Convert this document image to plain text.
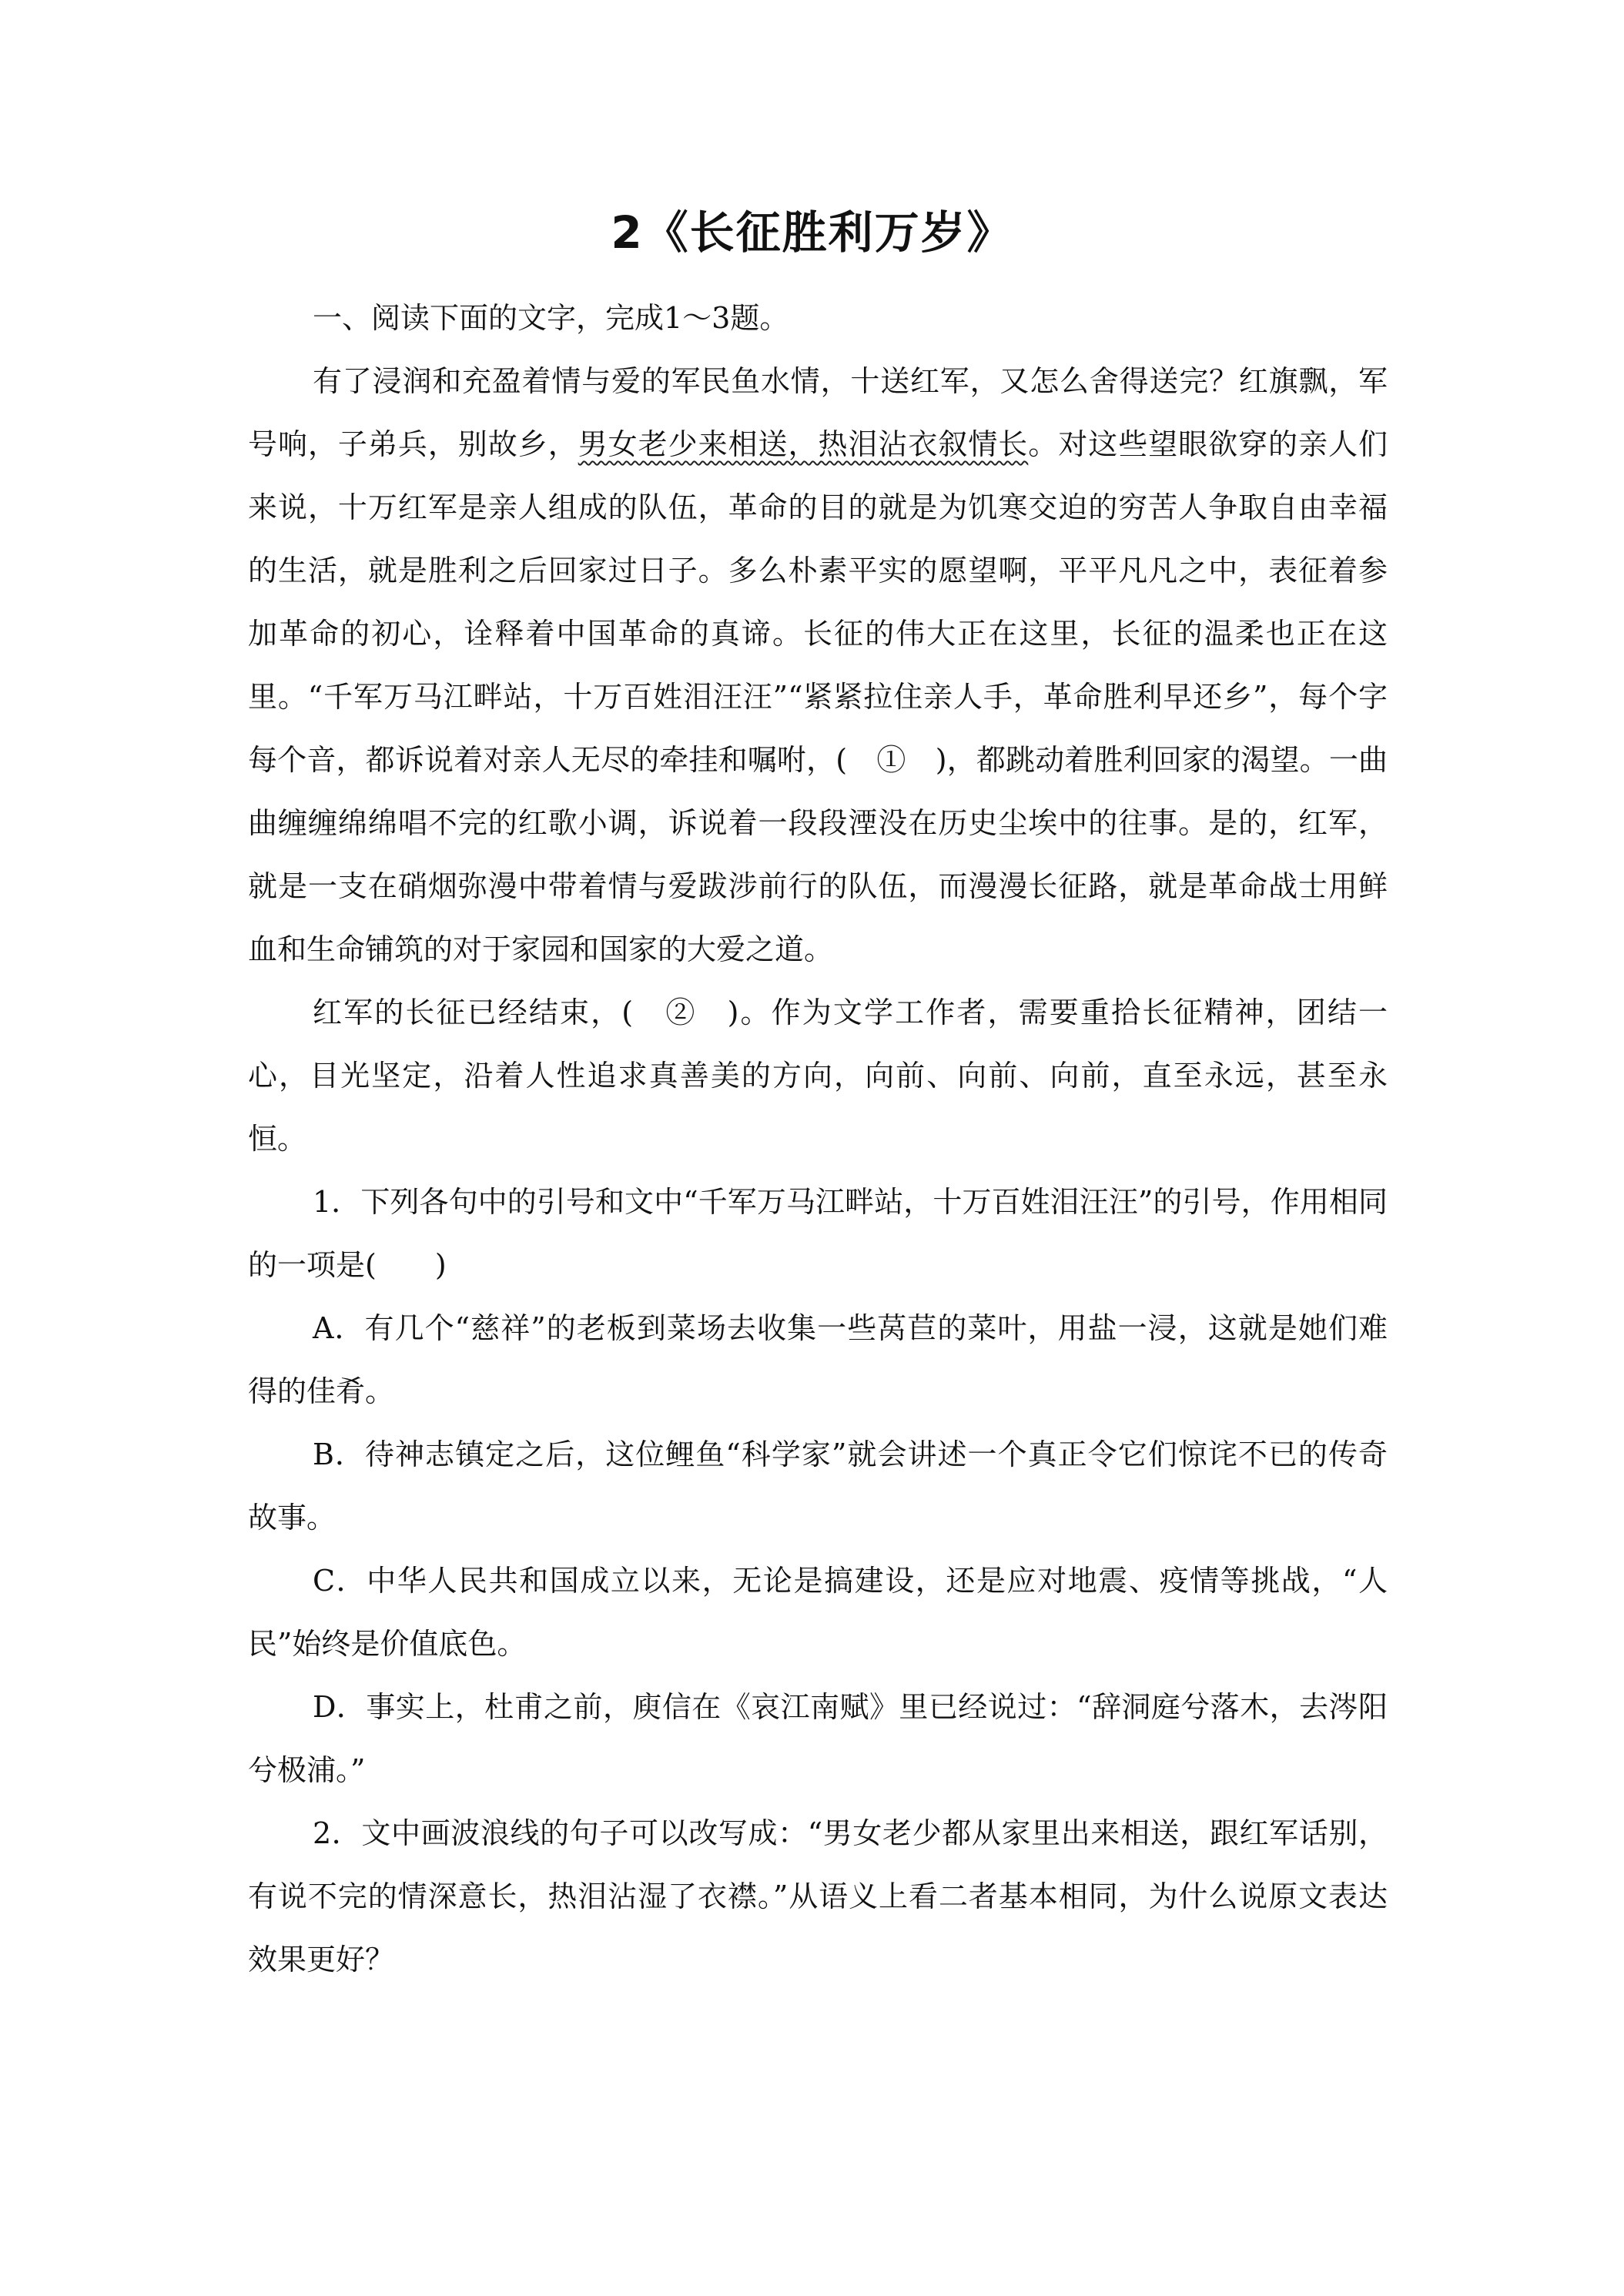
2《长征胜利万岁》

一、阅读下面的文字，完成1～3题。

有了浸润和充盈着情与爱的军民鱼水情，十送红军，又怎么舍得送完？红旗飘，军号响，子弟兵，别故乡，男女老少来相送，热泪沾衣叙情长。对这些望眼欲穿的亲人们来说，十万红军是亲人组成的队伍，革命的目的就是为饥寒交迫的穷苦人争取自由幸福的生活，就是胜利之后回家过日子。多么朴素平实的愿望啊，平平凡凡之中，表征着参加革命的初心，诠释着中国革命的真谛。长征的伟大正在这里，长征的温柔也正在这里。“千军万马江畔站，十万百姓泪汪汪”“紧紧拉住亲人手，革命胜利早还乡”，每个字每个音，都诉说着对亲人无尽的牵挂和嘱咐，(　①　)，都跳动着胜利回家的渴望。一曲曲缠缠绵绵唱不完的红歌小调，诉说着一段段湮没在历史尘埃中的往事。是的，红军，就是一支在硝烟弥漫中带着情与爱跋涉前行的队伍，而漫漫长征路，就是革命战士用鲜血和生命铺筑的对于家园和国家的大爱之道。

红军的长征已经结束，(　②　)。作为文学工作者，需要重拾长征精神，团结一心，目光坚定，沿着人性追求真善美的方向，向前、向前、向前，直至永远，甚至永恒。

1．下列各句中的引号和文中“千军万马江畔站，十万百姓泪汪汪”的引号，作用相同的一项是(　　)

A．有几个“慈祥”的老板到菜场去收集一些莴苣的菜叶，用盐一浸，这就是她们难得的佳肴。

B．待神志镇定之后，这位鲤鱼“科学家”就会讲述一个真正令它们惊诧不已的传奇故事。

C．中华人民共和国成立以来，无论是搞建设，还是应对地震、疫情等挑战，“人民”始终是价值底色。

D．事实上，杜甫之前，庾信在《哀江南赋》里已经说过：“辞洞庭兮落木，去涔阳兮极浦。”

2．文中画波浪线的句子可以改写成：“男女老少都从家里出来相送，跟红军话别，有说不完的情深意长，热泪沾湿了衣襟。”从语义上看二者基本相同，为什么说原文表达效果更好？
